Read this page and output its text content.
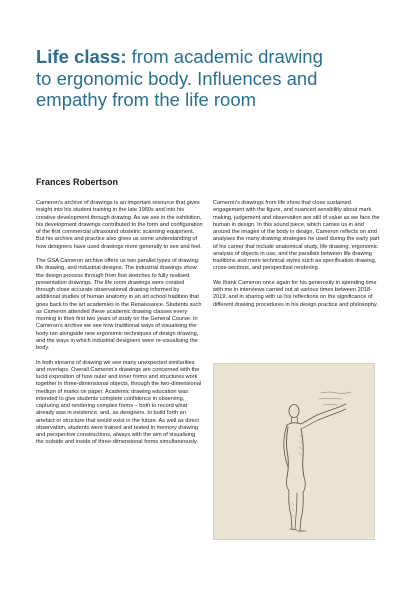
Life class: from academic drawing to ergonomic body. Influences and empathy from the life room
Frances Robertson

Cameron's archive of drawings is an important resource that gives insight into his student training in the late 1960s and into his creative development through drawing. As we see in the exhibition, his development drawings contributed to the form and configuration of the first commercial ultrasound obstetric scanning equipment. But his archive and practice also gives us some understanding of how designers have used drawings more generally to see and feel.

The GSA Cameron archive offers us two parallel types of drawing: life drawing, and industrial designs. The industrial drawings show the design process through from first sketches to fully realised presentation drawings. The life room drawings were created through close accurate observational drawing informed by additional studies of human anatomy in an art school tradition that goes back to the art academies in the Renaissance. Students such as Cameron attended these academic drawing classes every morning in their first two years of study on the General Course. In Cameron's archive we see how traditional ways of visualising the body ran alongside new ergonomic techniques of design drawing, and the ways in which industrial designers were re-visualising the body.

In both streams of drawing we see many unexpected similarities and overlaps. Overall Cameron's drawings are concerned with the lucid exposition of how outer and inner forms and structures work together in three-dimensional objects, through the two-dimensional medium of marks on paper. Academic drawing education was intended to give students complete confidence in observing, capturing and rendering complex forms – both to record what already was in existence, and, as designers, to build forth an artefact or structure that would exist in the future. As well as direct observation, students were trained and tested in memory drawing and perspective constructions, always with the aim of visualising the outside and inside of three-dimensional forms simultaneously.

Cameron's drawings from life show that close sustained engagement with the figure, and nuanced sensibility about mark making, judgement and observation are still of value as we face the human in design. In this sound piece, which carries us in and around the images of the body in design, Cameron reflects on and analyses the many drawing strategies he used during the early part of his career that include anatomical study, life drawing, ergonomic analysis of objects in use, and the parallels between life drawing traditions and more technical styles such as specification drawing, cross-sections, and perspectival rendering.

We thank Cameron once again for his generosity in spending time with me in interviews carried out at various times between 2018-2019, and in sharing with us his reflections on the significance of different drawing procedures in his design practice and philosophy.
